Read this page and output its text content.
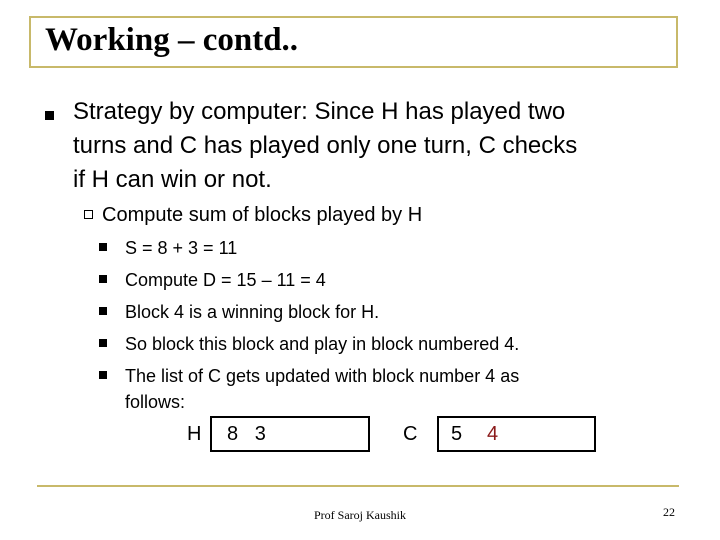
Working – contd..
Strategy by computer: Since H has played two
turns and C has played only one turn, C checks
if H can win or not.
Compute sum of blocks played by H
S = 8 + 3 = 11
Compute D = 15 – 11 = 4
Block 4 is a winning block for H.
So block this block and play in block numbered 4.
The list of C gets updated with block number 4 as
follows:
H 8   3	C 5 4
Prof Saroj Kaushik	22
